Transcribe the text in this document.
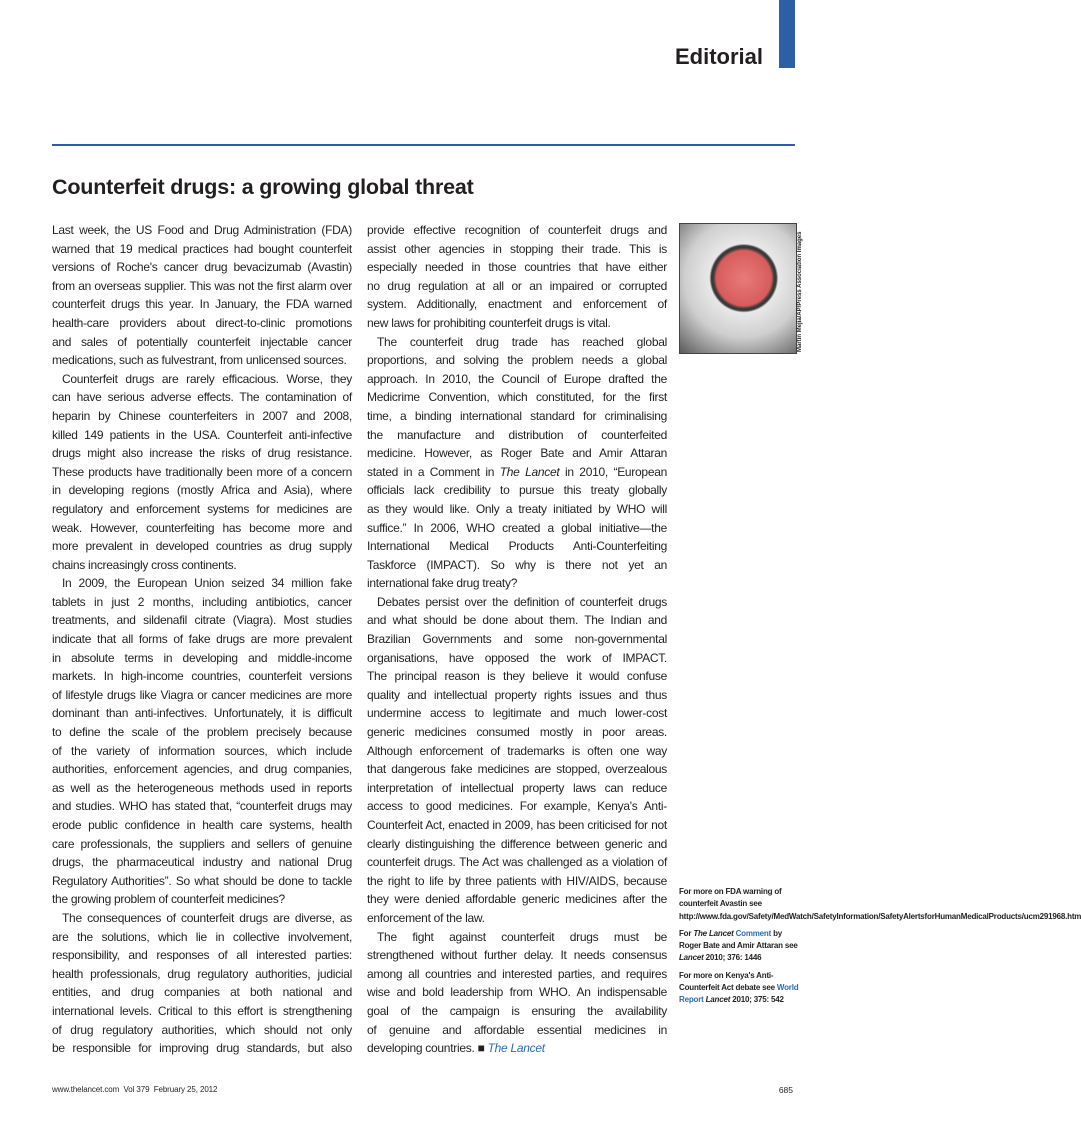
Editorial
Counterfeit drugs: a growing global threat
Last week, the US Food and Drug Administration (FDA)
warned that 19 medical practices had bought counterfeit
versions of Roche's cancer drug bevacizumab (Avastin)
from an overseas supplier. This was not the first alarm over
counterfeit drugs this year. In January, the FDA warned
health-care providers about direct-to-clinic promotions
and sales of potentially counterfeit injectable cancer
medications, such as fulvestrant, from unlicensed sources.
Counterfeit drugs are rarely efficacious. Worse, they
can have serious adverse effects. The contamination of
heparin by Chinese counterfeiters in 2007 and 2008,
killed 149 patients in the USA. Counterfeit anti-infective
drugs might also increase the risks of drug resistance.
These products have traditionally been more of a concern
in developing regions (mostly Africa and Asia), where
regulatory and enforcement systems for medicines are
weak. However, counterfeiting has become more and
more prevalent in developed countries as drug supply
chains increasingly cross continents.
In 2009, the European Union seized 34 million fake
tablets in just 2 months, including antibiotics, cancer
treatments, and sildenafil citrate (Viagra). Most studies
indicate that all forms of fake drugs are more prevalent
in absolute terms in developing and middle-income
markets. In high-income countries, counterfeit versions
of lifestyle drugs like Viagra or cancer medicines are more
dominant than anti-infectives. Unfortunately, it is difficult
to define the scale of the problem precisely because
of the variety of information sources, which include
authorities, enforcement agencies, and drug companies,
as well as the heterogeneous methods used in reports
and studies. WHO has stated that, “counterfeit drugs may
erode public confidence in health care systems, health
care professionals, the suppliers and sellers of genuine
drugs, the pharmaceutical industry and national Drug
Regulatory Authorities”. So what should be done to tackle
the growing problem of counterfeit medicines?
The consequences of counterfeit drugs are diverse, as
are the solutions, which lie in collective involvement,
responsibility, and responses of all interested parties:
health professionals, drug regulatory authorities, judicial
entities, and drug companies at both national and
international levels. Critical to this effort is strengthening
of drug regulatory authorities, which should not only
be responsible for improving drug standards, but also
provide effective recognition of counterfeit drugs and
assist other agencies in stopping their trade. This is
especially needed in those countries that have either
no drug regulation at all or an impaired or corrupted
system. Additionally, enactment and enforcement of
new laws for prohibiting counterfeit drugs is vital.
The counterfeit drug trade has reached global
proportions, and solving the problem needs a global
approach. In 2010, the Council of Europe drafted the
Medicrime Convention, which constituted, for the first
time, a binding international standard for criminalising
the manufacture and distribution of counterfeited
medicine. However, as Roger Bate and Amir Attaran
stated in a Comment in The Lancet in 2010, “European
officials lack credibility to pursue this treaty globally
as they would like. Only a treaty initiated by WHO will
suffice.” In 2006, WHO created a global initiative—the
International Medical Products Anti-Counterfeiting
Taskforce (IMPACT). So why is there not yet an
international fake drug treaty?
Debates persist over the definition of counterfeit drugs
and what should be done about them. The Indian and
Brazilian Governments and some non-governmental
organisations, have opposed the work of IMPACT.
The principal reason is they believe it would confuse
quality and intellectual property rights issues and thus
undermine access to legitimate and much lower-cost
generic medicines consumed mostly in poor areas.
Although enforcement of trademarks is often one way
that dangerous fake medicines are stopped, overzealous
interpretation of intellectual property laws can reduce
access to good medicines. For example, Kenya's Anti-
Counterfeit Act, enacted in 2009, has been criticised for not
clearly distinguishing the difference between generic and
counterfeit drugs. The Act was challenged as a violation of
the right to life by three patients with HIV/AIDS, because
they were denied affordable generic medicines after the
enforcement of the law.
The fight against counterfeit drugs must be
strengthened without further delay. It needs consensus
among all countries and interested parties, and requires
wise and bold leadership from WHO. An indispensable
goal of the campaign is ensuring the availability
of genuine and affordable essential medicines in
developing countries. ■ The Lancet
Martin Mejia/AP/Press Association Images
For more on FDA warning of counterfeit Avastin see http://www.fda.gov/Safety/MedWatch/SafetyInformation/SafetyAlertsforHumanMedicalProducts/ucm291968.htm
For The Lancet Comment by Roger Bate and Amir Attaran see Lancet 2010; 376: 1446
For more on Kenya's Anti-Counterfeit Act debate see World Report Lancet 2010; 375: 542
www.thelancet.com  Vol 379  February 25, 2012	685
